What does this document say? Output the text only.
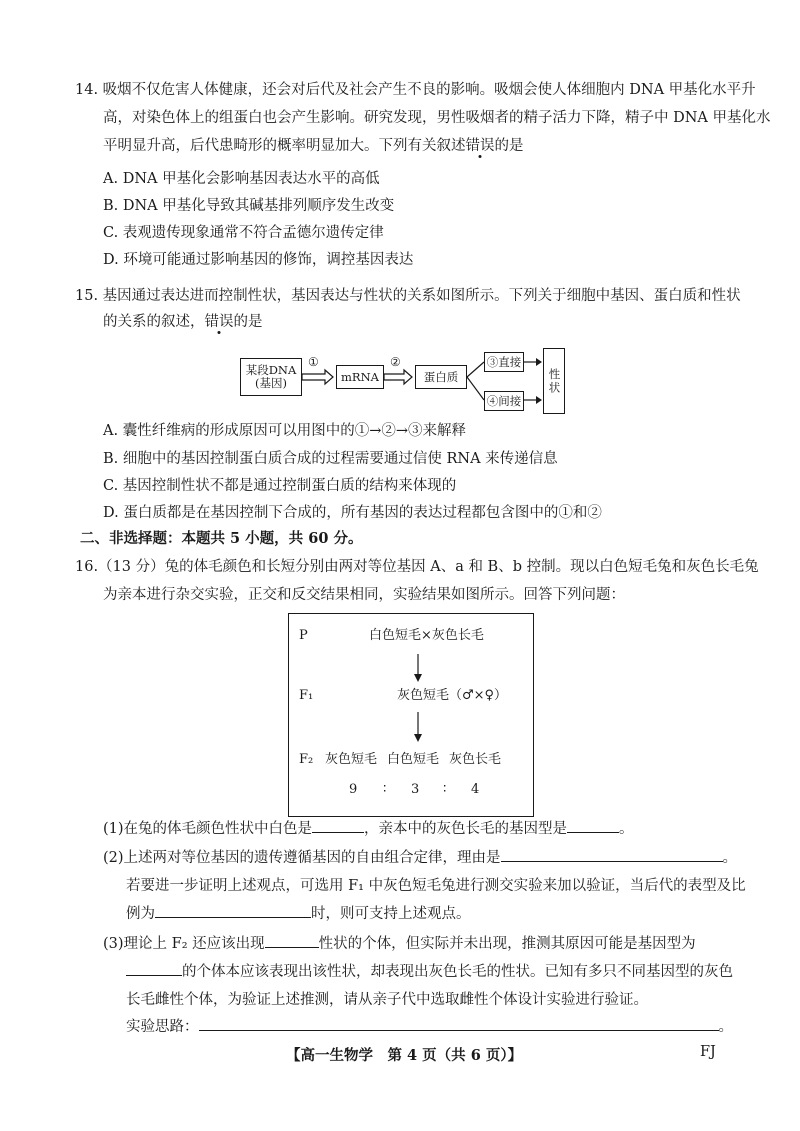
14. 吸烟不仅危害人体健康，还会对后代及社会产生不良的影响。吸烟会使人体细胞内 DNA 甲基化水平升
高，对染色体上的组蛋白也会产生影响。研究发现，男性吸烟者的精子活力下降，精子中 DNA 甲基化水
平明显升高，后代患畸形的概率明显加大。下列有关叙述错误的是
A. DNA 甲基化会影响基因表达水平的高低
B. DNA 甲基化导致其碱基排列顺序发生改变
C. 表观遗传现象通常不符合孟德尔遗传定律
D. 环境可能通过影响基因的修饰，调控基因表达
15. 基因通过表达进而控制性状，基因表达与性状的关系如图所示。下列关于细胞中基因、蛋白质和性状
的关系的叙述，错误的是
某段DNA
(基因)
①
mRNA
②
蛋白质
③直接
④间接
性状
A. 囊性纤维病的形成原因可以用图中的①→②→③来解释
B. 细胞中的基因控制蛋白质合成的过程需要通过信使 RNA 来传递信息
C. 基因控制性状不都是通过控制蛋白质的结构来体现的
D. 蛋白质都是在基因控制下合成的，所有基因的表达过程都包含图中的①和②
二、非选择题：本题共 5 小题，共 60 分。
16.（13 分）兔的体毛颜色和长短分别由两对等位基因 A、a 和 B、b 控制。现以白色短毛兔和灰色长毛兔
为亲本进行杂交实验，正交和反交结果相同，实验结果如图所示。回答下列问题：
P	白色短毛×灰色长毛
F₁	灰色短毛（♂×♀）
F₂ 灰色短毛 白色短毛 灰色长毛
9 ∶ 3 ∶ 4
(1)在兔的体毛颜色性状中白色是	，亲本中的灰色长毛的基因型是	。
(2)上述两对等位基因的遗传遵循基因的自由组合定律，理由是	。
若要进一步证明上述观点，可选用 F₁ 中灰色短毛兔进行测交实验来加以验证，当后代的表型及比
例为	时，则可支持上述观点。
(3)理论上 F₂ 还应该出现	性状的个体，但实际并未出现，推测其原因可能是基因型为
的个体本应该表现出该性状，却表现出灰色长毛的性状。已知有多只不同基因型的灰色
长毛雌性个体，为验证上述推测，请从亲子代中选取雌性个体设计实验进行验证。
实验思路：	。
【高一生物学　第 4 页（共 6 页）】	FJ
